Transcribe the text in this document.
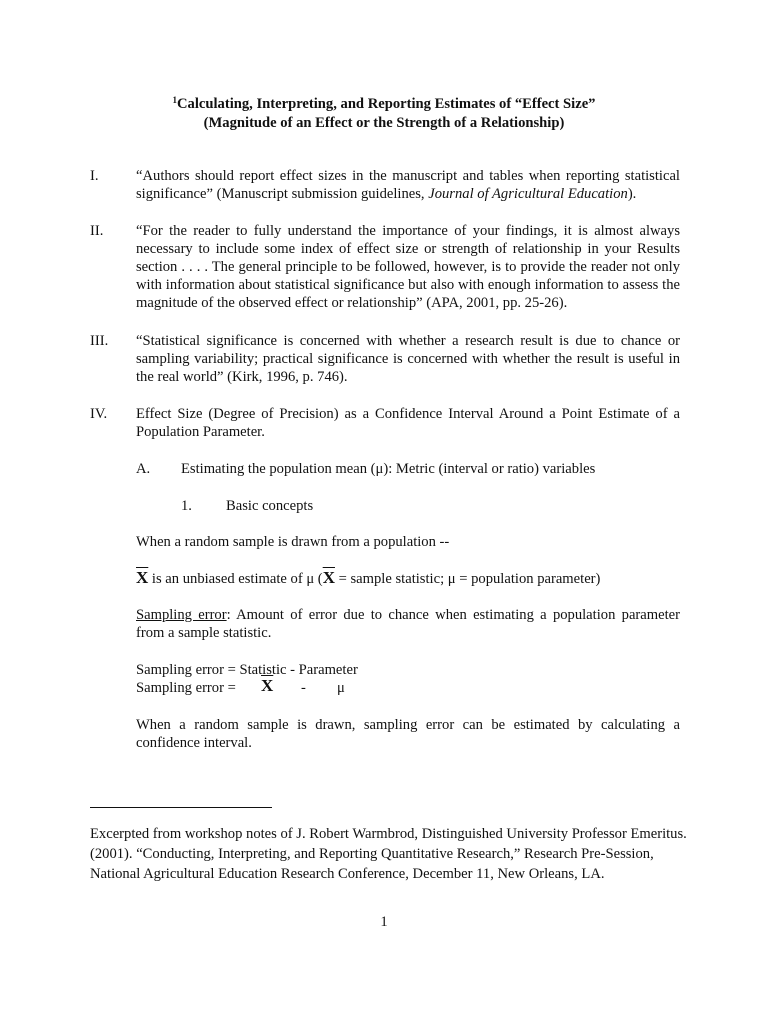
$^1$Calculating, Interpreting, and Reporting Estimates of “Effect Size”
(Magnitude of an Effect or the Strength of a Relationship)
I.	“Authors should report effect sizes in the manuscript and tables when reporting statistical significance” (Manuscript submission guidelines, Journal of Agricultural Education).
II. “For the reader to fully understand the importance of your findings, it is almost always necessary to include some index of effect size or strength of relationship in your Results section . . . . The general principle to be followed, however, is to provide the reader not only with information about statistical significance but also with enough information to assess the magnitude of the observed effect or relationship” (APA, 2001, pp. 25-26).
III. “Statistical significance is concerned with whether a research result is due to chance or sampling variability; practical significance is concerned with whether the result is useful in the real world” (Kirk, 1996, p. 746).
IV. Effect Size (Degree of Precision) as a Confidence Interval Around a Point Estimate of a Population Parameter.
A. Estimating the population mean (μ): Metric (interval or ratio) variables
1. Basic concepts
When a random sample is drawn from a population --
$\overline{X}$ is an unbiased estimate of μ ($\overline{X}$ = sample statistic; μ = population parameter)
Sampling error: Amount of error due to chance when estimating a population parameter from a sample statistic.
Sampling error = Statistic - Parameter
Sampling error = $\overline{X}$ - μ
When a random sample is drawn, sampling error can be estimated by calculating a confidence interval.
Excerpted from workshop notes of J. Robert Warmbrod, Distinguished University Professor Emeritus. (2001). “Conducting, Interpreting, and Reporting Quantitative Research,” Research Pre-Session, National Agricultural Education Research Conference, December 11, New Orleans, LA.
1
